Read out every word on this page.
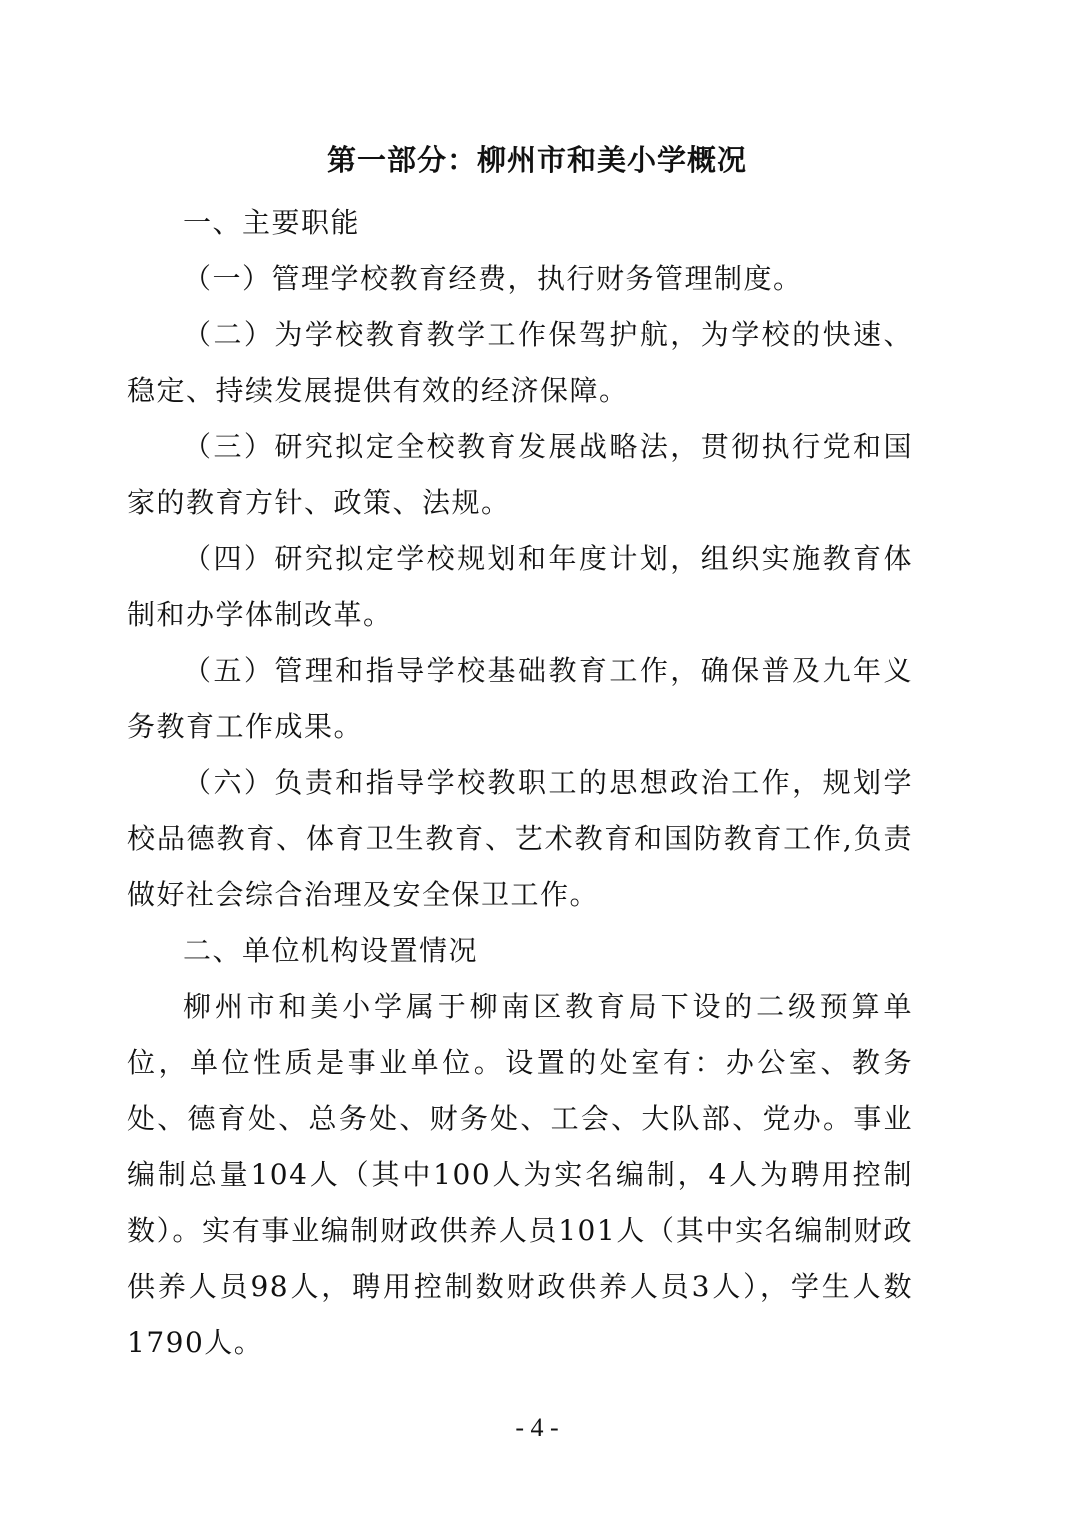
第一部分：柳州市和美小学概况

一、主要职能

（一）管理学校教育经费，执行财务管理制度。

（二）为学校教育教学工作保驾护航，为学校的快速、稳定、持续发展提供有效的经济保障。

（三）研究拟定全校教育发展战略法，贯彻执行党和国家的教育方针、政策、法规。

（四）研究拟定学校规划和年度计划，组织实施教育体制和办学体制改革。

（五）管理和指导学校基础教育工作，确保普及九年义务教育工作成果。

（六）负责和指导学校教职工的思想政治工作，规划学校品德教育、体育卫生教育、艺术教育和国防教育工作,负责做好社会综合治理及安全保卫工作。

二、单位机构设置情况

柳州市和美小学属于柳南区教育局下设的二级预算单位，单位性质是事业单位。设置的处室有：办公室、教务处、德育处、总务处、财务处、工会、大队部、党办。事业编制总量104人（其中100人为实名编制，4人为聘用控制数）。实有事业编制财政供养人员101人（其中实名编制财政供养人员98人，聘用控制数财政供养人员3人），学生人数1790人。

- 4 -
